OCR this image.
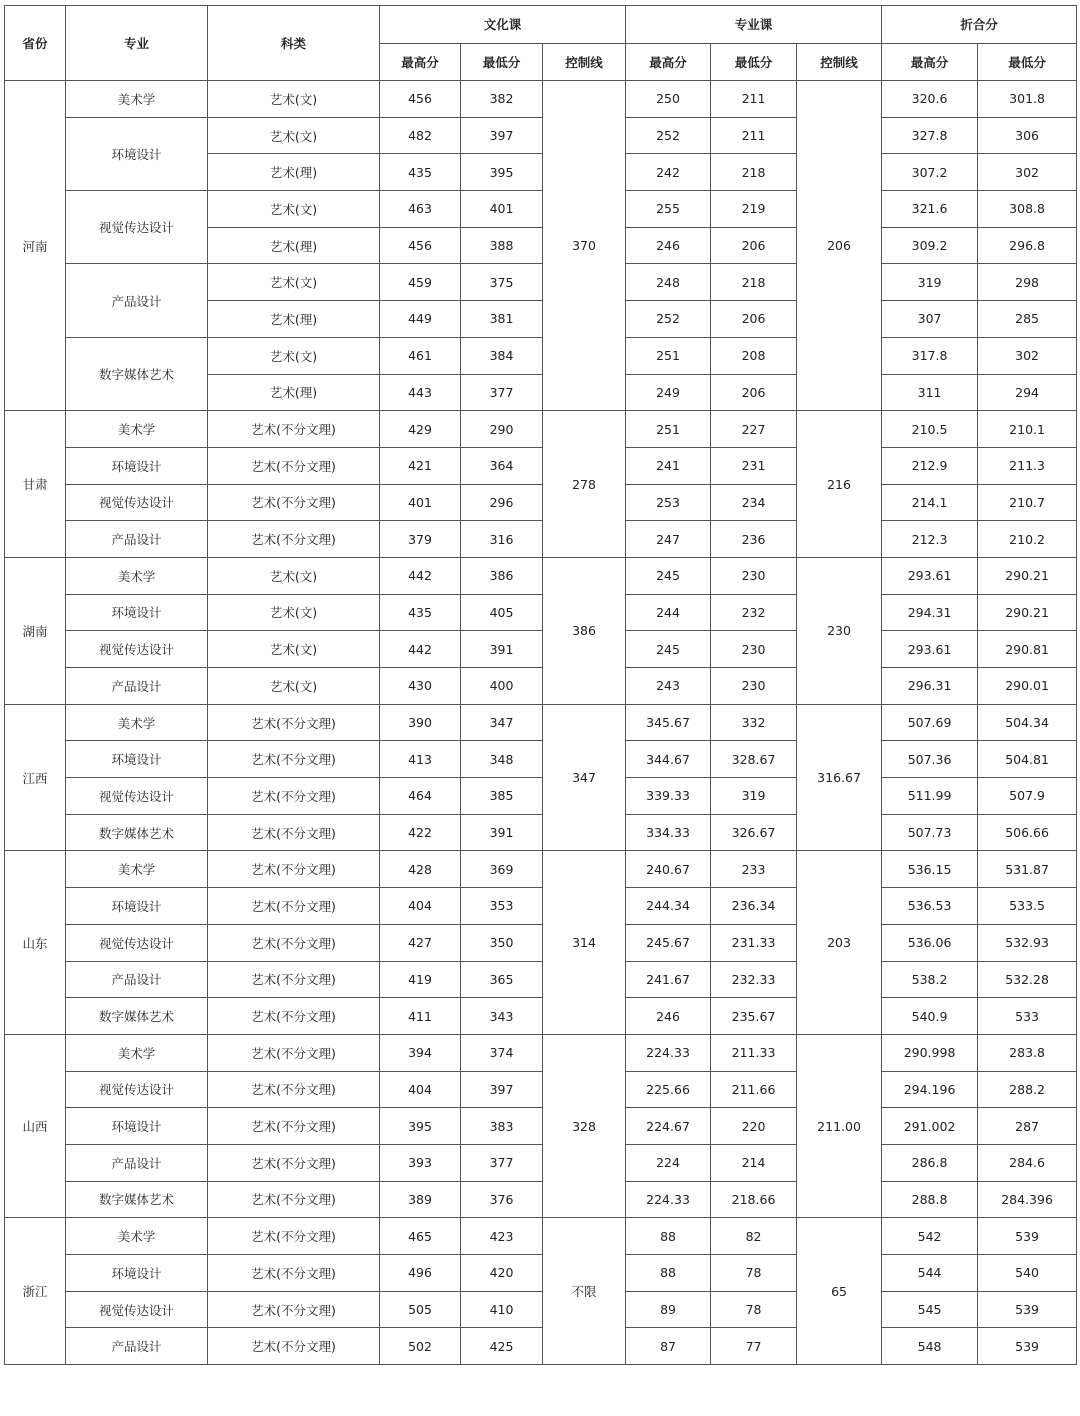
省份	专业	科类	文化课			专业课			折合分	
			最高分	最低分	控制线	最高分	最低分	控制线	最高分	最低分
河南	美术学	艺术(文)	456	382	370	250	211	206	320.6	301.8
	环境设计	艺术(文)	482	397		252	211		327.8	306
		艺术(理)	435	395		242	218		307.2	302
	视觉传达设计	艺术(文)	463	401		255	219		321.6	308.8
		艺术(理)	456	388		246	206		309.2	296.8
	产品设计	艺术(文)	459	375		248	218		319	298
		艺术(理)	449	381		252	206		307	285
	数字媒体艺术	艺术(文)	461	384		251	208		317.8	302
		艺术(理)	443	377		249	206		311	294
甘肃	美术学	艺术(不分文理)	429	290	278	251	227	216	210.5	210.1
	环境设计	艺术(不分文理)	421	364		241	231		212.9	211.3
	视觉传达设计	艺术(不分文理)	401	296		253	234		214.1	210.7
	产品设计	艺术(不分文理)	379	316		247	236		212.3	210.2
湖南	美术学	艺术(文)	442	386	386	245	230	230	293.61	290.21
	环境设计	艺术(文)	435	405		244	232		294.31	290.21
	视觉传达设计	艺术(文)	442	391		245	230		293.61	290.81
	产品设计	艺术(文)	430	400		243	230		296.31	290.01
江西	美术学	艺术(不分文理)	390	347	347	345.67	332	316.67	507.69	504.34
	环境设计	艺术(不分文理)	413	348		344.67	328.67		507.36	504.81
	视觉传达设计	艺术(不分文理)	464	385		339.33	319		511.99	507.9
	数字媒体艺术	艺术(不分文理)	422	391		334.33	326.67		507.73	506.66
山东	美术学	艺术(不分文理)	428	369	314	240.67	233	203	536.15	531.87
	环境设计	艺术(不分文理)	404	353		244.34	236.34		536.53	533.5
	视觉传达设计	艺术(不分文理)	427	350		245.67	231.33		536.06	532.93
	产品设计	艺术(不分文理)	419	365		241.67	232.33		538.2	532.28
	数字媒体艺术	艺术(不分文理)	411	343		246	235.67		540.9	533
山西	美术学	艺术(不分文理)	394	374	328	224.33	211.33	211.00	290.998	283.8
	视觉传达设计	艺术(不分文理)	404	397		225.66	211.66		294.196	288.2
	环境设计	艺术(不分文理)	395	383		224.67	220		291.002	287
	产品设计	艺术(不分文理)	393	377		224	214		286.8	284.6
	数字媒体艺术	艺术(不分文理)	389	376		224.33	218.66		288.8	284.396
浙江	美术学	艺术(不分文理)	465	423	不限	88	82	65	542	539
	环境设计	艺术(不分文理)	496	420		88	78		544	540
	视觉传达设计	艺术(不分文理)	505	410		89	78		545	539
	产品设计	艺术(不分文理)	502	425		87	77		548	539
